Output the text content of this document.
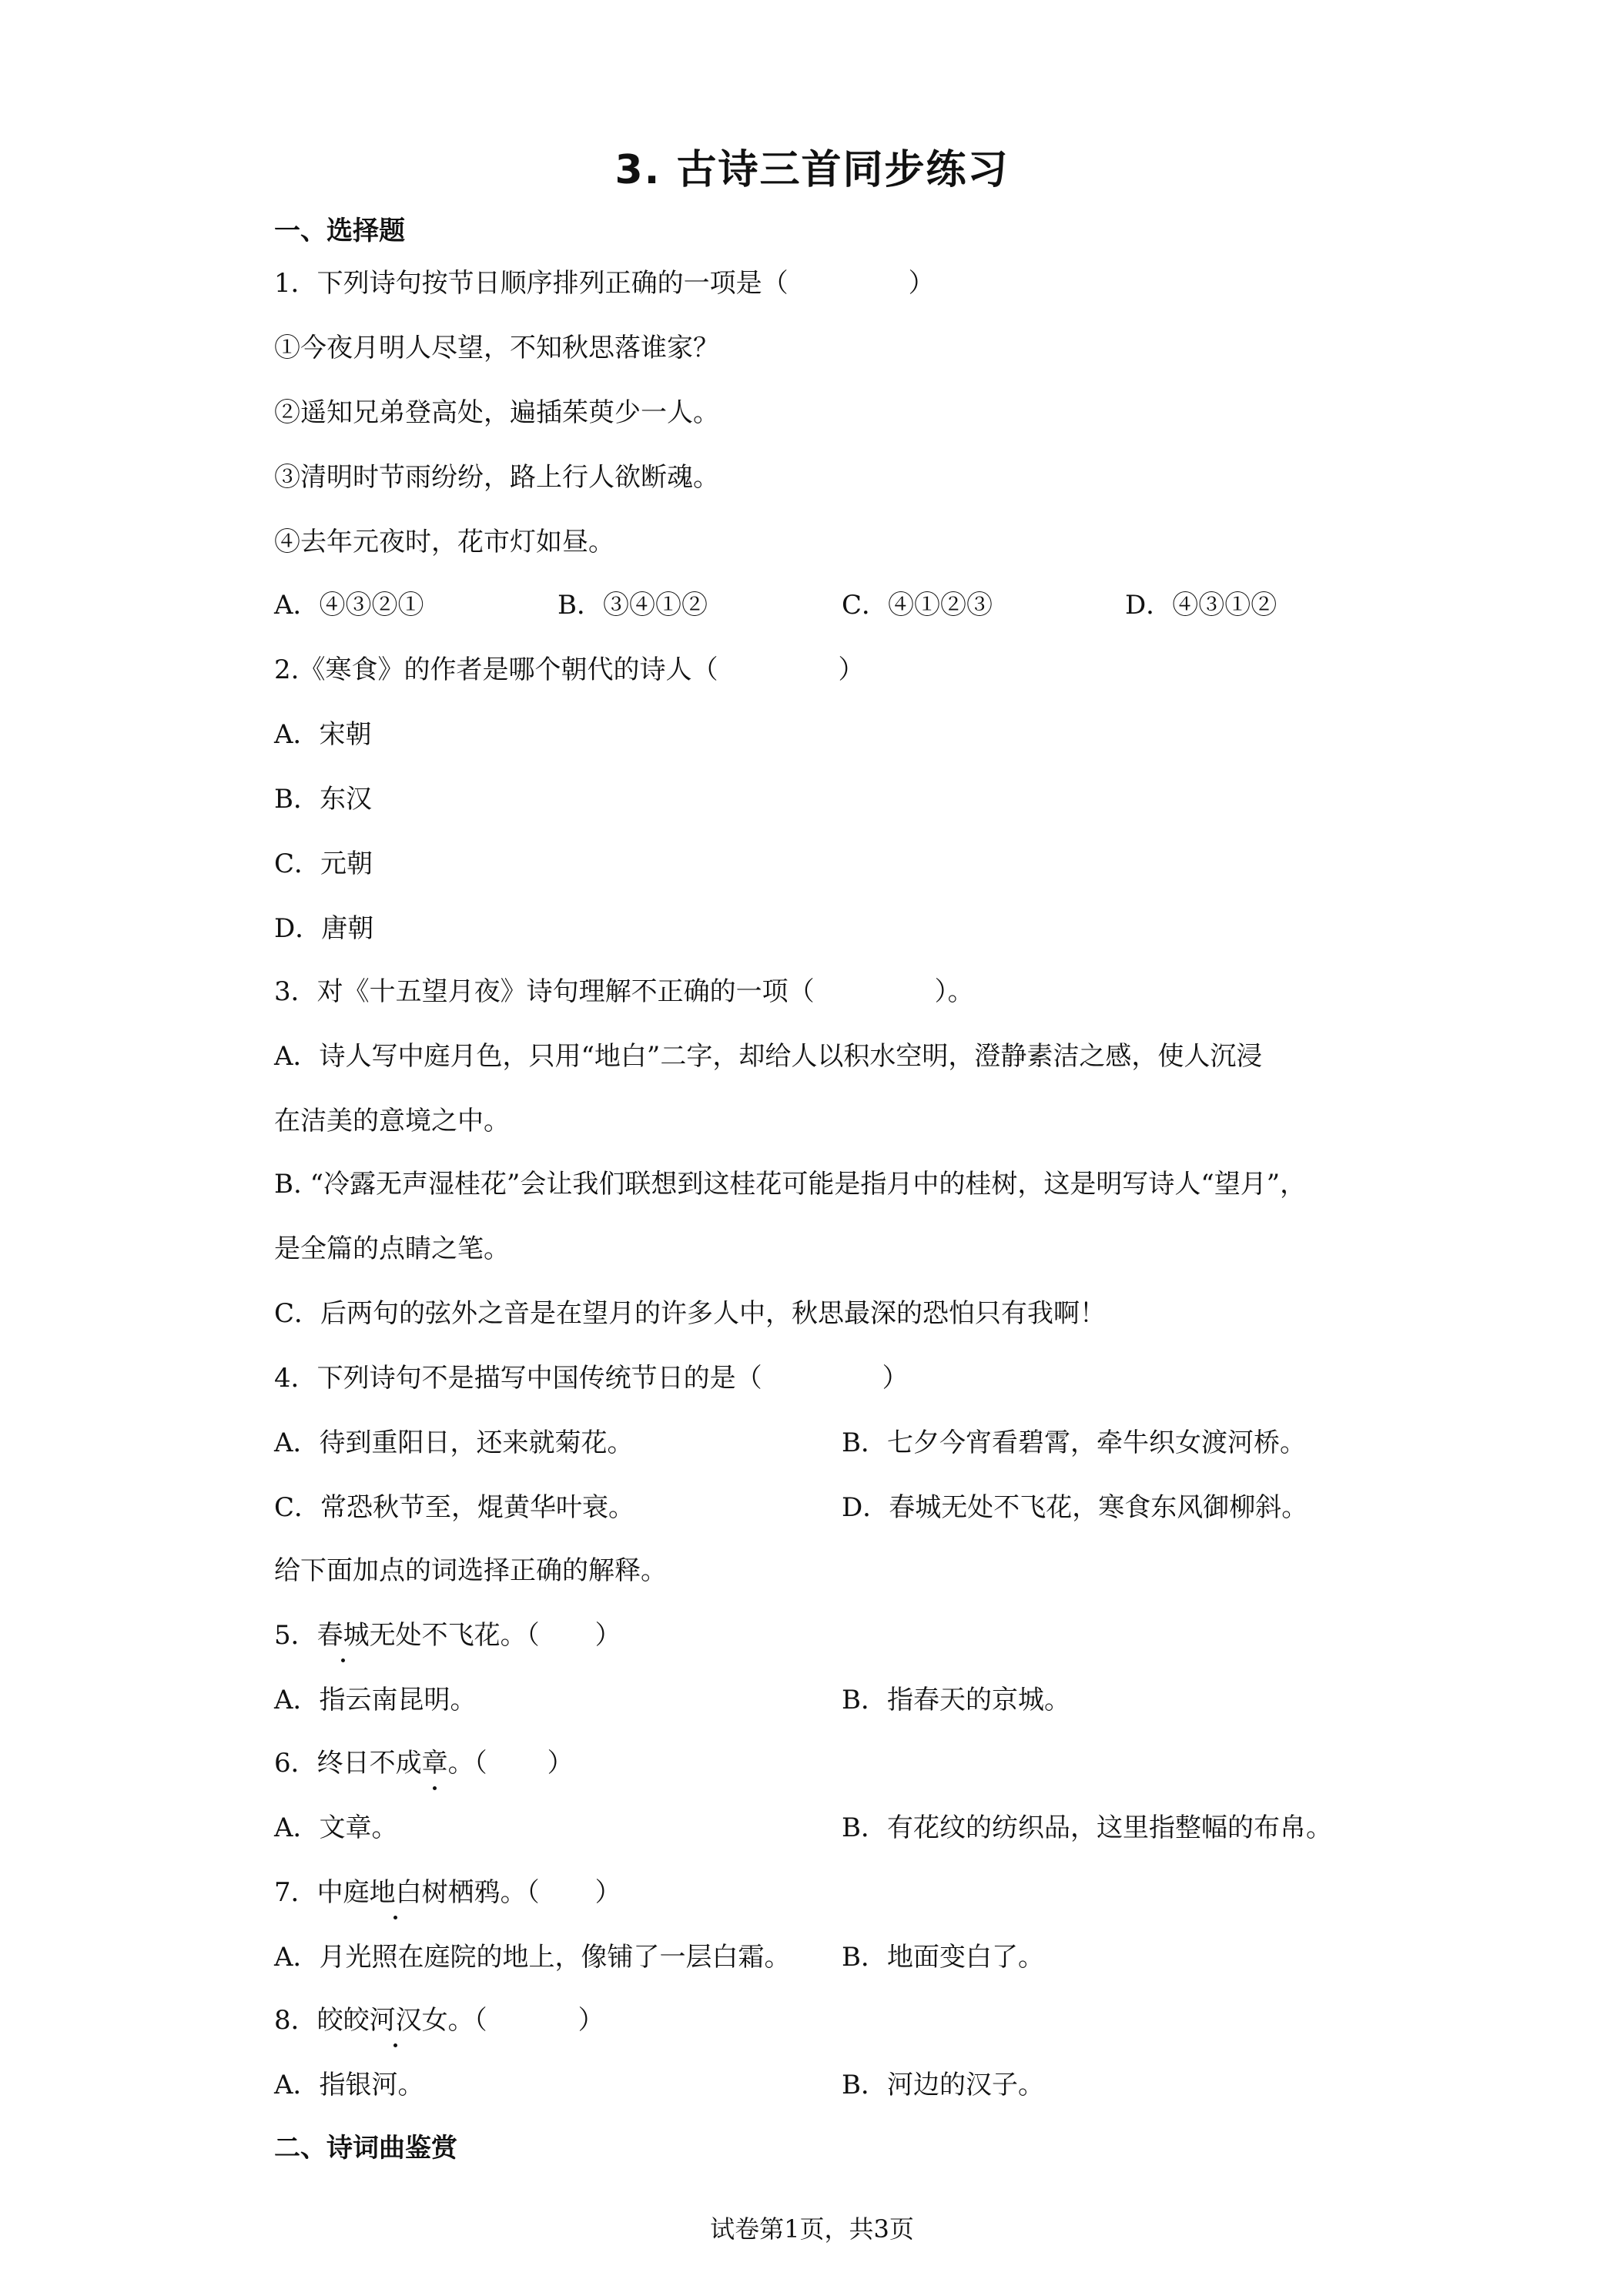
3. 古诗三首同步练习
一、选择题
1．下列诗句按节日顺序排列正确的一项是（	）
①今夜月明人尽望，不知秋思落谁家？
②遥知兄弟登高处，遍插茱萸少一人。
③清明时节雨纷纷，路上行人欲断魂。
④去年元夜时，花市灯如昼。
A．④③②①	B．③④①②	C．④①②③	D．④③①②
2.《寒食》的作者是哪个朝代的诗人（	）
A．宋朝
B．东汉
C．元朝
D．唐朝
3．对《十五望月夜》诗句理解不正确的一项（	）。
A．诗人写中庭月色，只用“地白”二字，却给人以积水空明，澄静素洁之感，使人沉浸
在洁美的意境之中。
B. “冷露无声湿桂花”会让我们联想到这桂花可能是指月中的桂树，这是明写诗人“望月”，
是全篇的点睛之笔。
C．后两句的弦外之音是在望月的许多人中，秋思最深的恐怕只有我啊！
4．下列诗句不是描写中国传统节日的是（	）
A．待到重阳日，还来就菊花。	B．七夕今宵看碧霄，牵牛织女渡河桥。
C．常恐秋节至，焜黄华叶衰。	D．春城无处不飞花，寒食东风御柳斜。
给下面加点的词选择正确的解释。
5．春城无处不飞花。（ ）
A．指云南昆明。	B．指春天的京城。
6．终日不成章。（ ）
A．文章。	B．有花纹的纺织品，这里指整幅的布帛。
7．中庭地白树栖鸦。（ ）
A．月光照在庭院的地上，像铺了一层白霜。 B．地面变白了。
8．皎皎河汉女。（	）
A．指银河。	B．河边的汉子。
二、诗词曲鉴赏
试卷第1页，共3页
